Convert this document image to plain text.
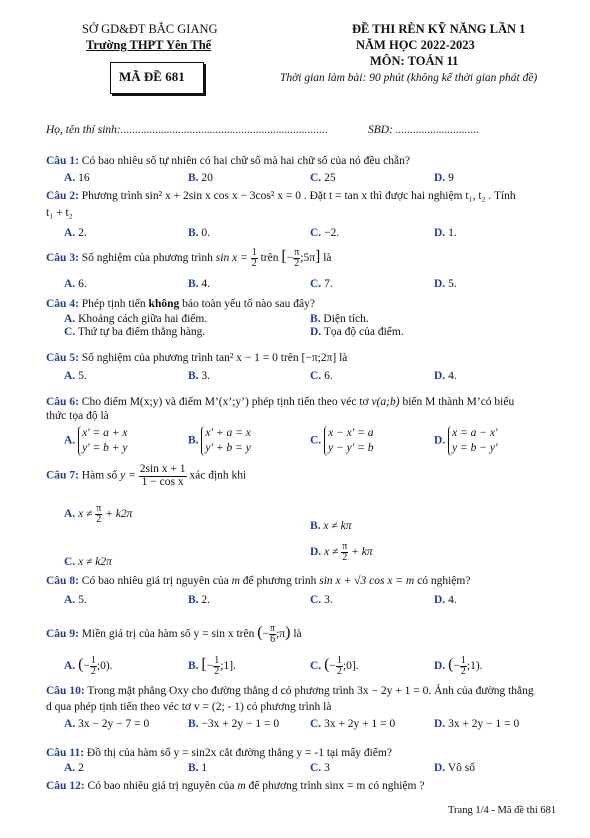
SỞ GD&ĐT BẮC GIANG
Trường THPT Yên Thế
MÃ ĐỀ 681
ĐỀ THI RÈN KỸ NĂNG LẦN 1
NĂM HỌC 2022-2023
MÔN: TOÁN 11
Thời gian làm bài: 90 phút (không kể thời gian phát đề)
Họ, tên thí sinh:........................................................................	SBD: .............................
Câu 1: Có bao nhiêu số tự nhiên có hai chữ số mà hai chữ số của nó đều chẵn?
A. 16	B. 20	C. 25	D. 9
Câu 2: Phương trình sin² x + 2sin x cos x − 3cos² x = 0 . Đặt t = tan x thì được hai nghiệm t₁, t₂ . Tính
t₁ + t₂
A. 2.	B. 0.	C. −2.	D. 1.
Câu 3: Số nghiệm của phương trình $\sin x = \frac{1}{2}$ trên [− $\frac{\pi}{2}$ ;5π] là
A. 6.	B. 4.	C. 7.	D. 5.
Câu 4: Phép tịnh tiến không bảo toàn yếu tố nào sau đây?
A. Khoảng cách giữa hai điểm.	B. Diện tích.
C. Thứ tự ba điểm thẳng hàng.	D. Tọa độ của điểm.
Câu 5: Số nghiệm của phương trình tan² x − 1 = 0 trên [−π;2π] là
A. 5.	B. 3.	C. 6.	D. 4.
Câu 6: Cho điểm M(x;y) và điểm M’(x’;y’) phép tịnh tiến theo véc tơ v(a;b) biến M thành M’có biểu
thức tọa độ là
A. x' = a + x
y' = b + y
B. x' + a = x
y' + b = y
C. x − x' = a
y − y' = b
D. x = a − x'
y = b − y'
Câu 7: Hàm số $y = \frac{\text{2sin x + 1}}{\text{1 − cos x}}$ xác định khi
A. $x \ne \frac{\pi}{2} + k2\pi$
B. x ≠ kπ
C. x ≠ k2π
D. $x \ne \frac{\pi}{2} + k\pi$
Câu 8: Có bao nhiêu giá trị nguyên của m để phương trình sin x + √3 cos x = m có nghiệm?
A. 5.	B. 2.	C. 3.	D. 4.
Câu 9: Miền giá trị của hàm số y = sin x trên (− $\frac{\pi}{6}$ ;π) là
A. (− $\frac{1}{2}$ ;0).	B. [− $\frac{1}{2}$ ;1].	C. (− $\frac{1}{2}$ ;0].	D. (− $\frac{1}{2}$ ;1).
Câu 10: Trong mặt phẳng Oxy cho đường thẳng d có phương trình 3x − 2y + 1 = 0. Ảnh của đường thẳng
d qua phép tịnh tiến theo véc tơ v = (2; - 1) có phương trình là
A. 3x − 2y − 7 = 0	B. −3x + 2y − 1 = 0	C. 3x + 2y + 1 = 0	D. 3x + 2y − 1 = 0
Câu 11: Đồ thị của hàm số y = sin2x cắt đường thẳng y = -1 tại mấy điểm?
A. 2	B. 1	C. 3	D. Vô số
Câu 12: Có bao nhiêu giá trị nguyên của m để phương trình sinx = m có nghiệm ?
Trang 1/4 - Mã đề thi 681
